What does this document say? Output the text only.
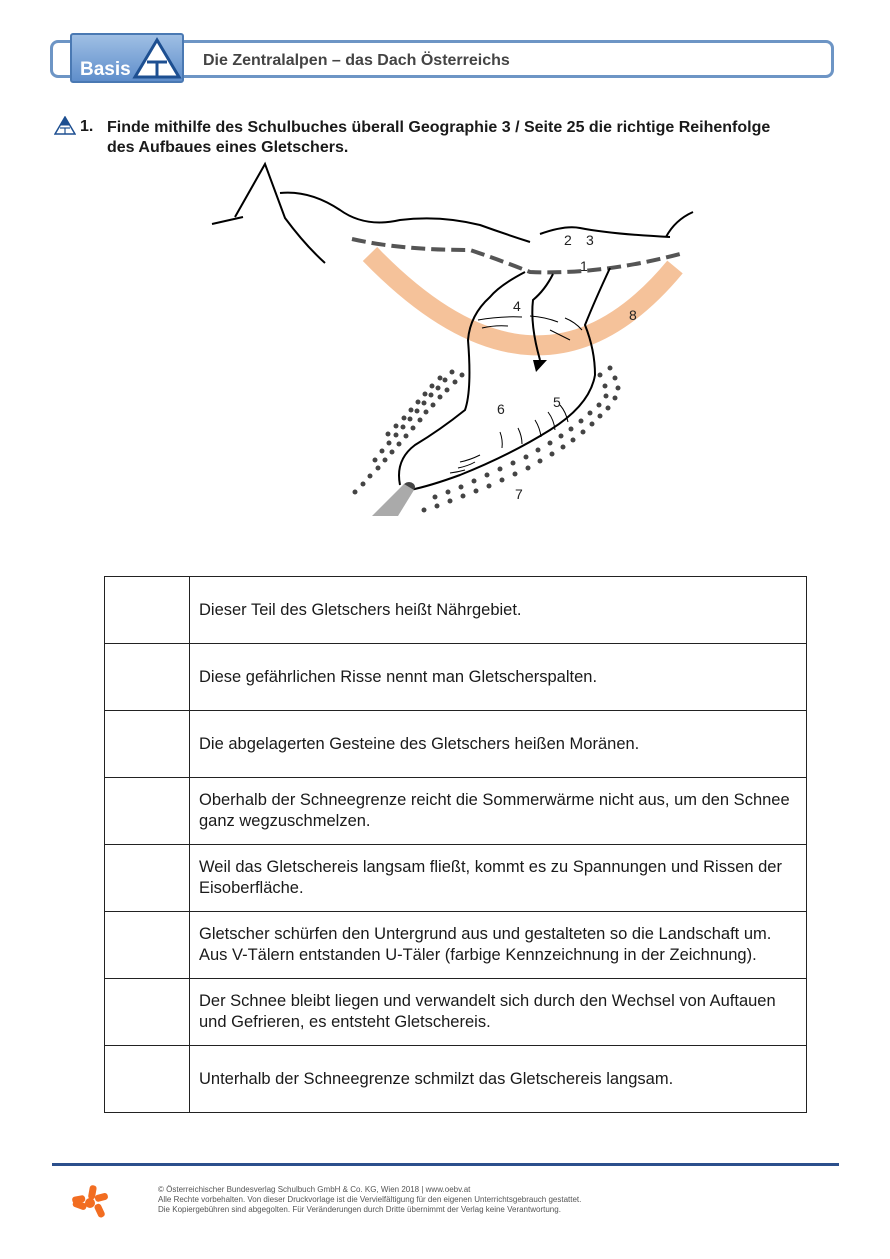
Basis	Die Zentralalpen – das Dach Österreichs
1. Finde mithilfe des Schulbuches überall Geographie 3 / Seite 25 die richtige Reihenfolge des Aufbaues eines Gletschers.
1
2 3
4
5
6
7
8
	Dieser Teil des Gletschers heißt Nährgebiet.
	Diese gefährlichen Risse nennt man Gletscherspalten.
	Die abgelagerten Gesteine des Gletschers heißen Moränen.
	Oberhalb der Schneegrenze reicht die Sommerwärme nicht aus, um den Schnee ganz wegzuschmelzen.
	Weil das Gletschereis langsam fließt, kommt es zu Spannungen und Rissen der Eisoberfläche.
	Gletscher schürfen den Untergrund aus und gestalteten so die Landschaft um. Aus V-Tälern entstanden U-Täler (farbige Kennzeichnung in der Zeichnung).
	Der Schnee bleibt liegen und verwandelt sich durch den Wechsel von Auftauen und Gefrieren, es entsteht Gletschereis.
	Unterhalb der Schneegrenze schmilzt das Gletschereis langsam.
© Österreichischer Bundesverlag Schulbuch GmbH & Co. KG, Wien 2018 | www.oebv.at
Alle Rechte vorbehalten. Von dieser Druckvorlage ist die Vervielfältigung für den eigenen Unterrichtsgebrauch gestattet.
Die Kopiergebühren sind abgegolten. Für Veränderungen durch Dritte übernimmt der Verlag keine Verantwortung.
